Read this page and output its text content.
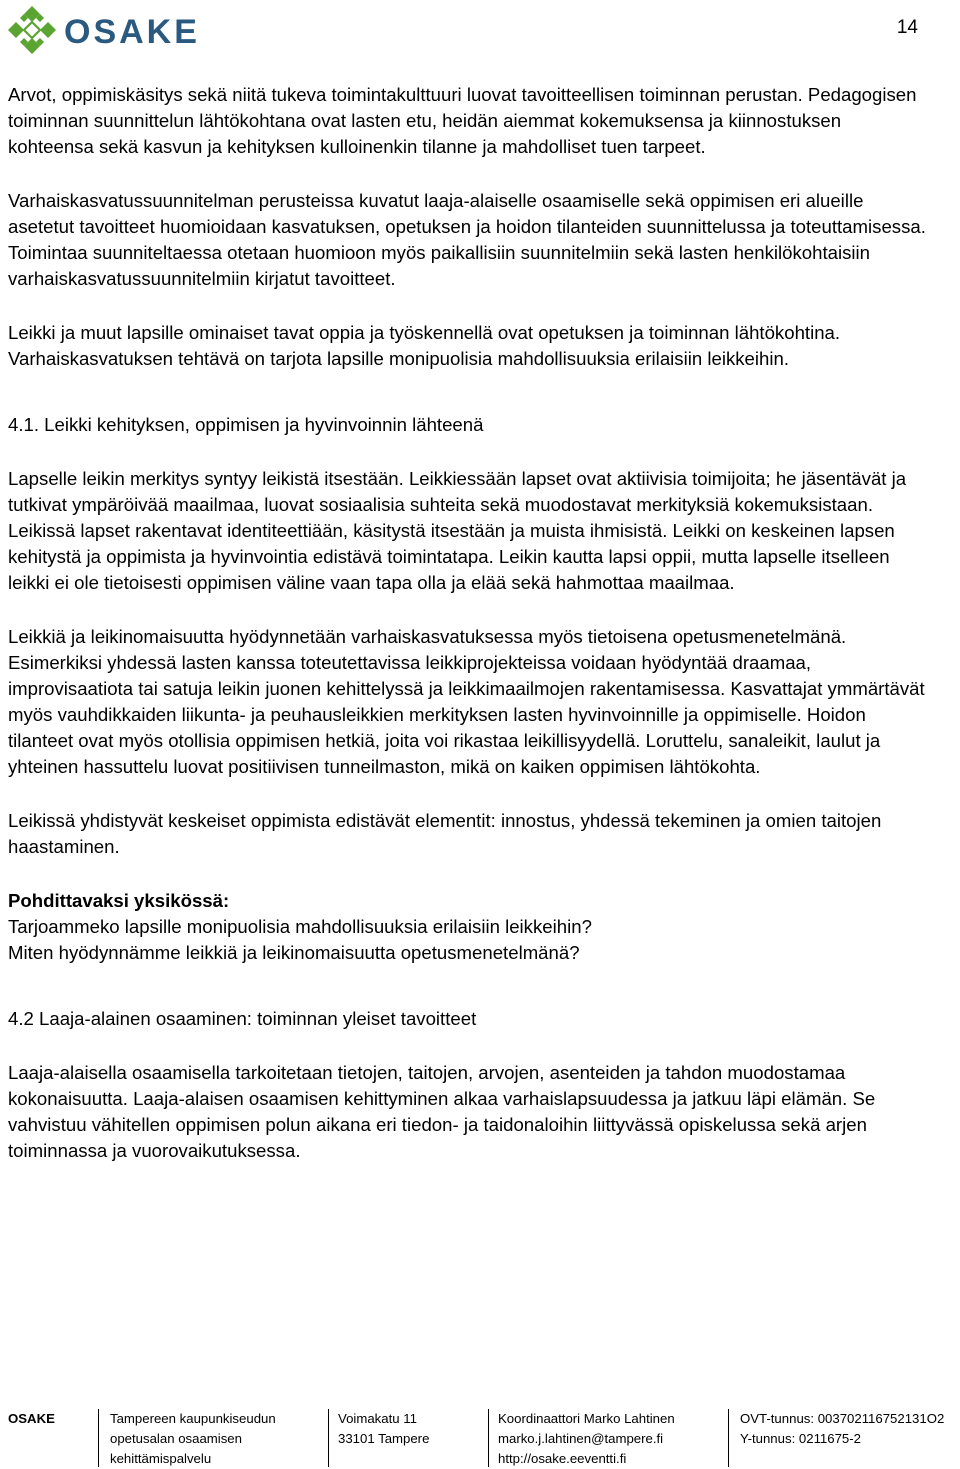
OSAKE	14

Arvot, oppimiskäsitys sekä niitä tukeva toimintakulttuuri luovat tavoitteellisen toiminnan perustan. Pedagogisen toiminnan suunnittelun lähtökohtana ovat lasten etu, heidän aiemmat kokemuksensa ja kiinnostuksen kohteensa sekä kasvun ja kehityksen kulloinenkin tilanne ja mahdolliset tuen tarpeet.

Varhaiskasvatussuunnitelman perusteissa kuvatut laaja-alaiselle osaamiselle sekä oppimisen eri alueille asetetut tavoitteet huomioidaan kasvatuksen, opetuksen ja hoidon tilanteiden suunnittelussa ja toteuttamisessa. Toimintaa suunniteltaessa otetaan huomioon myös paikallisiin suunnitelmiin sekä lasten henkilökohtaisiin varhaiskasvatussuunnitelmiin kirjatut tavoitteet.

Leikki ja muut lapsille ominaiset tavat oppia ja työskennellä ovat opetuksen ja toiminnan lähtökohtina. Varhaiskasvatuksen tehtävä on tarjota lapsille monipuolisia mahdollisuuksia erilaisiin leikkeihin.

4.1. Leikki kehityksen, oppimisen ja hyvinvoinnin lähteenä

Lapselle leikin merkitys syntyy leikistä itsestään. Leikkiessään lapset ovat aktiivisia toimijoita; he jäsentävät ja tutkivat ympäröivää maailmaa, luovat sosiaalisia suhteita sekä muodostavat merkityksiä kokemuksistaan. Leikissä lapset rakentavat identiteettiään, käsitystä itsestään ja muista ihmisistä. Leikki on keskeinen lapsen kehitystä ja oppimista ja hyvinvointia edistävä toimintatapa. Leikin kautta lapsi oppii, mutta lapselle itselleen leikki ei ole tietoisesti oppimisen väline vaan tapa olla ja elää sekä hahmottaa maailmaa.

Leikkiä ja leikinomaisuutta hyödynnetään varhaiskasvatuksessa myös tietoisena opetusmenetelmänä. Esimerkiksi yhdessä lasten kanssa toteutettavissa leikkiprojekteissa voidaan hyödyntää draamaa, improvisaatiota tai satuja leikin juonen kehittelyssä ja leikkimaailmojen rakentamisessa. Kasvattajat ymmärtävät myös vauhdikkaiden liikunta- ja peuhausleikkien merkityksen lasten hyvinvoinnille ja oppimiselle. Hoidon tilanteet ovat myös otollisia oppimisen hetkiä, joita voi rikastaa leikillisyydellä. Loruttelu, sanaleikit, laulut ja yhteinen hassuttelu luovat positiivisen tunneilmaston, mikä on kaiken oppimisen lähtökohta.

Leikissä yhdistyvät keskeiset oppimista edistävät elementit: innostus, yhdessä tekeminen ja omien taitojen haastaminen.

Pohdittavaksi yksikössä:

Tarjoammeko lapsille monipuolisia mahdollisuuksia erilaisiin leikkeihin?

Miten hyödynnämme leikkiä ja leikinomaisuutta opetusmenetelmänä?

4.2 Laaja-alainen osaaminen: toiminnan yleiset tavoitteet

Laaja-alaisella osaamisella tarkoitetaan tietojen, taitojen, arvojen, asenteiden ja tahdon muodostamaa kokonaisuutta. Laaja-alaisen osaamisen kehittyminen alkaa varhaislapsuudessa ja jatkuu läpi elämän. Se vahvistuu vähitellen oppimisen polun aikana eri tiedon- ja taidonaloihin liittyvässä opiskelussa sekä arjen toiminnassa ja vuorovaikutuksessa.

OSAKE	Tampereen kaupunkiseudun
opetusalan osaamisen
kehittämispalvelu
Voimakatu 11
33101 Tampere
Koordinaattori Marko Lahtinen
marko.j.lahtinen@tampere.fi
http://osake.eeventti.fi
OVT-tunnus: 003702116752131O2
Y-tunnus: 0211675-2
